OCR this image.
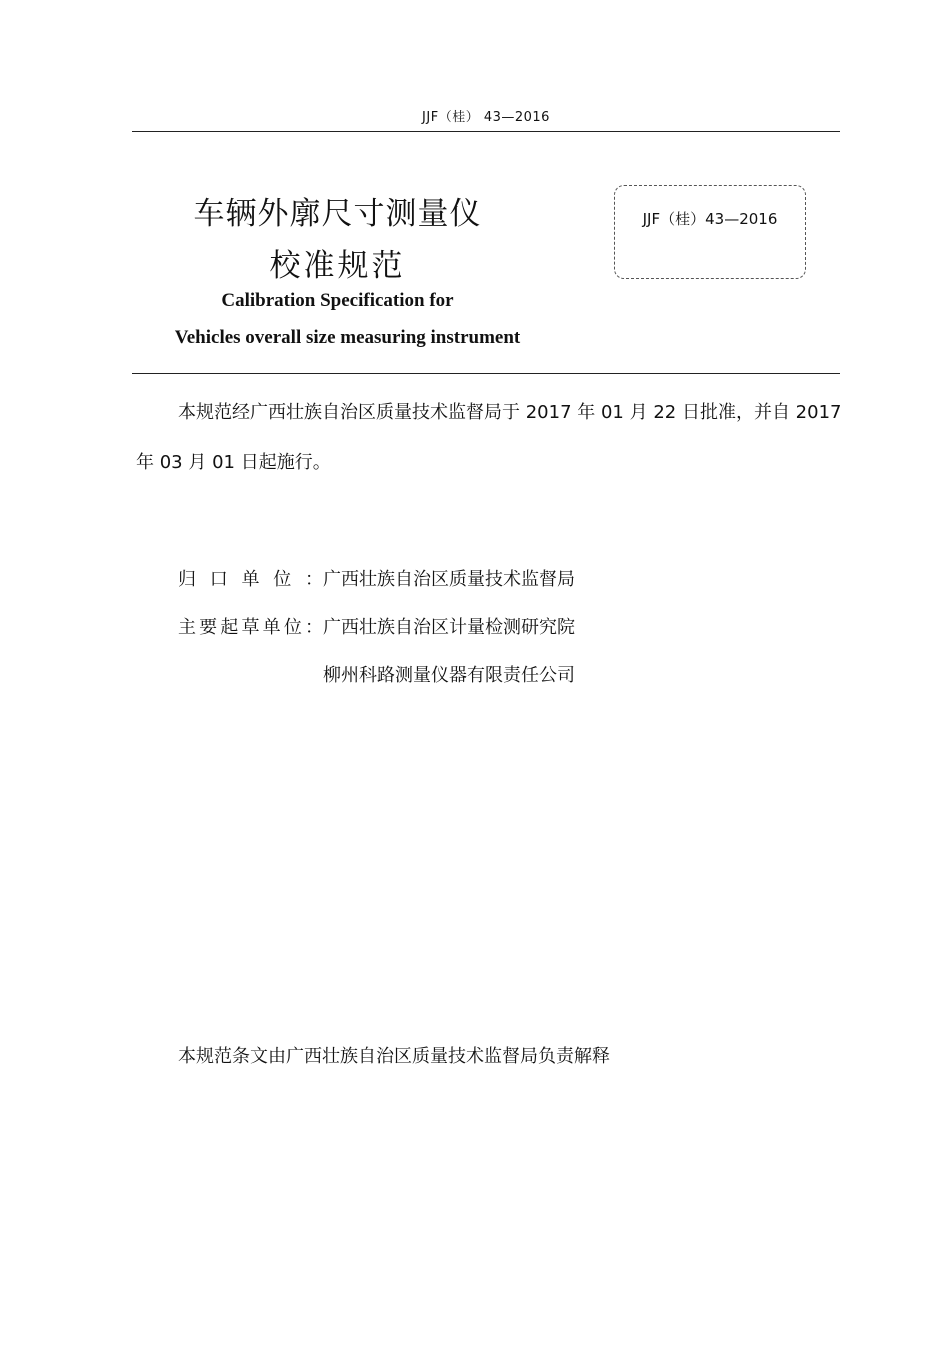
JJF（桂） 43—2016
车辆外廓尺寸测量仪
校准规范
Calibration Specification for
Vehicles overall size measuring instrument
JJF（桂）43—2016
本规范经广西壮族自治区质量技术监督局于 2017 年 01 月 22 日批准，并自 2017 年 03 月 01 日起施行。
归口单位：广西壮族自治区质量技术监督局
主要起草单位：广西壮族自治区计量检测研究院
柳州科路测量仪器有限责任公司
本规范条文由广西壮族自治区质量技术监督局负责解释
